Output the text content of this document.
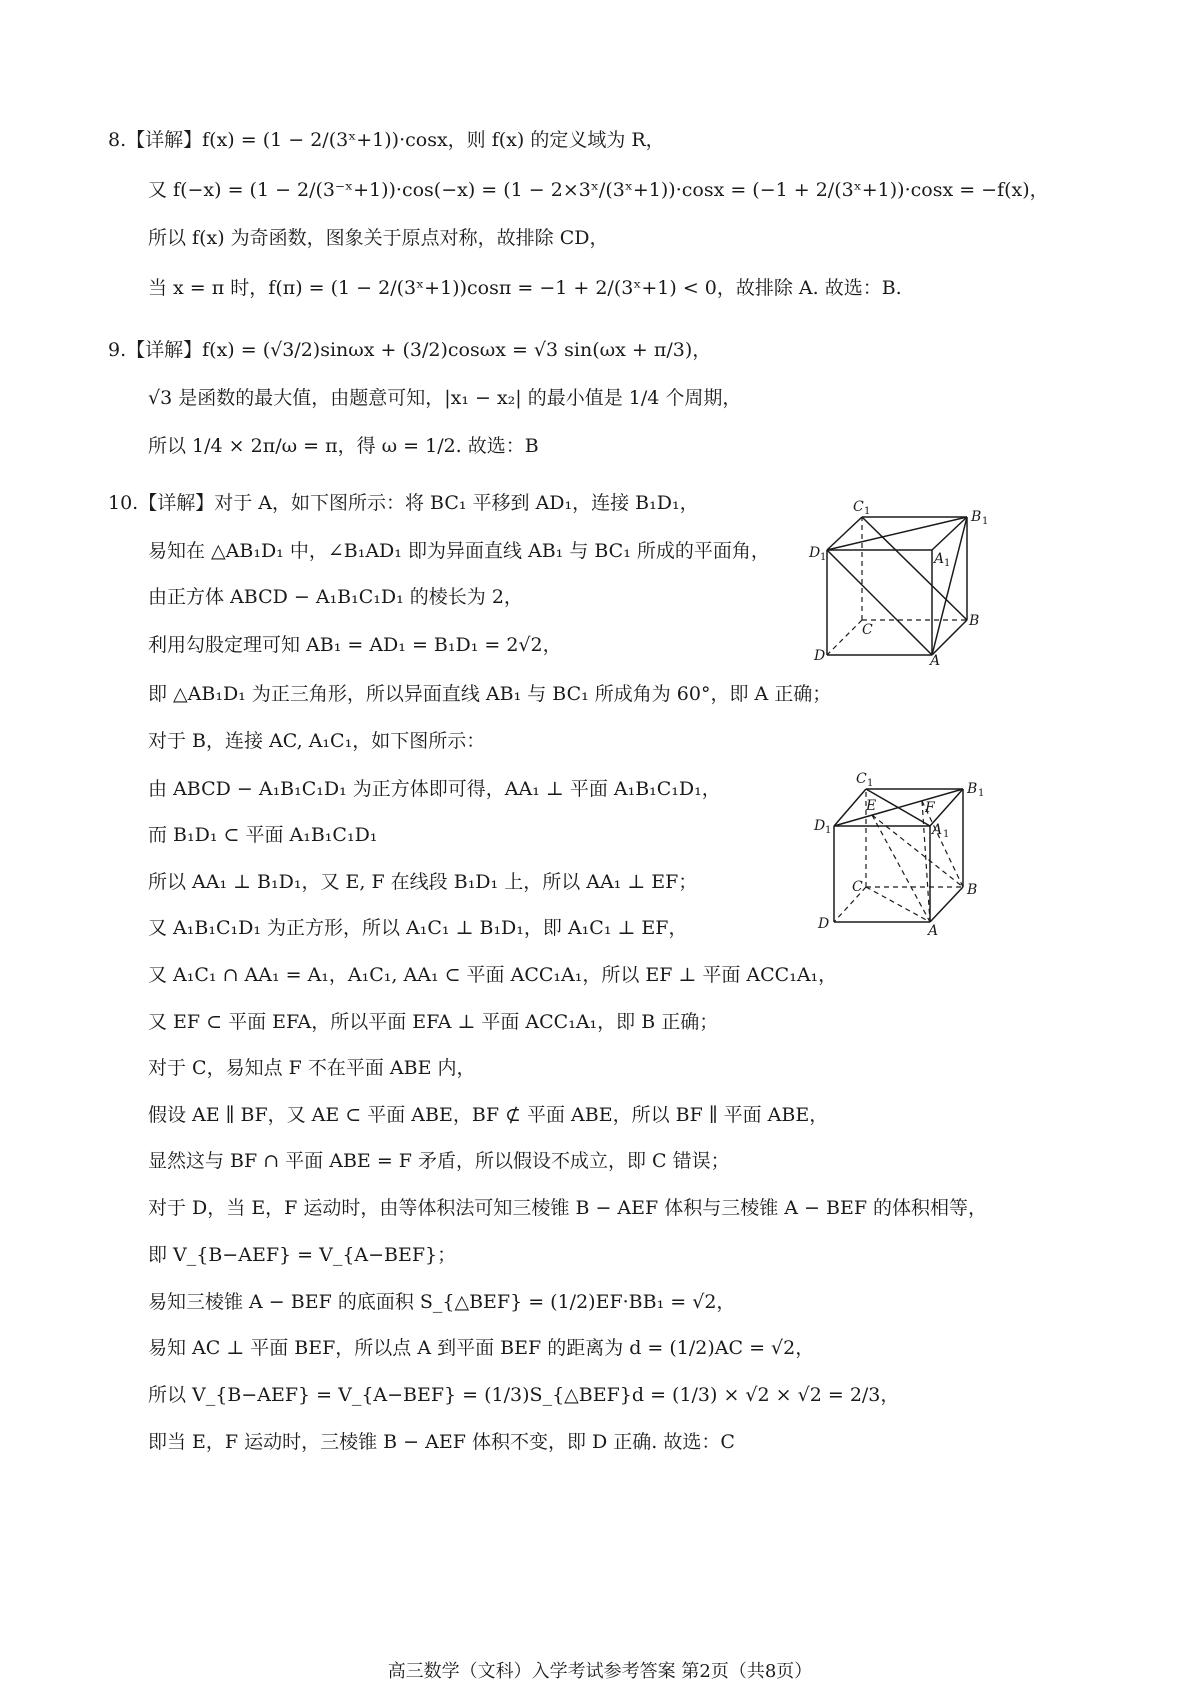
8.【详解】f(x) = (1 − 2/(3ˣ+1))·cosx，则 f(x) 的定义域为 R，
又 f(−x) = (1 − 2/(3⁻ˣ+1))·cos(−x) = (1 − 2×3ˣ/(3ˣ+1))·cosx = (−1 + 2/(3ˣ+1))·cosx = −f(x)，
所以 f(x) 为奇函数，图象关于原点对称，故排除 CD，
当 x = π 时，f(π) = (1 − 2/(3ˣ+1))cosπ = −1 + 2/(3ˣ+1) < 0，故排除 A. 故选：B.
9.【详解】f(x) = (√3/2)sinωx + (3/2)cosωx = √3 sin(ωx + π/3)，
√3 是函数的最大值，由题意可知，|x₁ − x₂| 的最小值是 1/4 个周期，
所以 1/4 × 2π/ω = π，得 ω = 1/2. 故选：B
10.【详解】对于 A，如下图所示：将 BC₁ 平移到 AD₁，连接 B₁D₁，
易知在 △AB₁D₁ 中，∠B₁AD₁ 即为异面直线 AB₁ 与 BC₁ 所成的平面角，
由正方体 ABCD − A₁B₁C₁D₁ 的棱长为 2，
利用勾股定理可知 AB₁ = AD₁ = B₁D₁ = 2√2，
即 △AB₁D₁ 为正三角形，所以异面直线 AB₁ 与 BC₁ 所成角为 60°，即 A 正确；
对于 B，连接 AC, A₁C₁，如下图所示：
由 ABCD − A₁B₁C₁D₁ 为正方体即可得，AA₁ ⊥ 平面 A₁B₁C₁D₁，
而 B₁D₁ ⊂ 平面 A₁B₁C₁D₁
所以 AA₁ ⊥ B₁D₁，又 E, F 在线段 B₁D₁ 上，所以 AA₁ ⊥ EF；
又 A₁B₁C₁D₁ 为正方形，所以 A₁C₁ ⊥ B₁D₁，即 A₁C₁ ⊥ EF，
又 A₁C₁ ∩ AA₁ = A₁，A₁C₁, AA₁ ⊂ 平面 ACC₁A₁，所以 EF ⊥ 平面 ACC₁A₁，
又 EF ⊂ 平面 EFA，所以平面 EFA ⊥ 平面 ACC₁A₁，即 B 正确；
对于 C，易知点 F 不在平面 ABE 内，
假设 AE ∥ BF，又 AE ⊂ 平面 ABE，BF ⊄ 平面 ABE，所以 BF ∥ 平面 ABE，
显然这与 BF ∩ 平面 ABE = F 矛盾，所以假设不成立，即 C 错误；
对于 D，当 E，F 运动时，由等体积法可知三棱锥 B − AEF 体积与三棱锥 A − BEF 的体积相等，
即 V_{B−AEF} = V_{A−BEF}；
易知三棱锥 A − BEF 的底面积 S_{△BEF} = (1/2)EF·BB₁ = √2，
易知 AC ⊥ 平面 BEF，所以点 A 到平面 BEF 的距离为 d = (1/2)AC = √2，
所以 V_{B−AEF} = V_{A−BEF} = (1/3)S_{△BEF}d = (1/3) × √2 × √2 = 2/3，
即当 E，F 运动时，三棱锥 B − AEF 体积不变，即 D 正确. 故选：C
C 1	B 1
D 1	A 1
C
B
D	A
C 1	B 1
D 1	A 1
E	F
C	B
D	A
高三数学（文科）入学考试参考答案 第2页（共8页）
